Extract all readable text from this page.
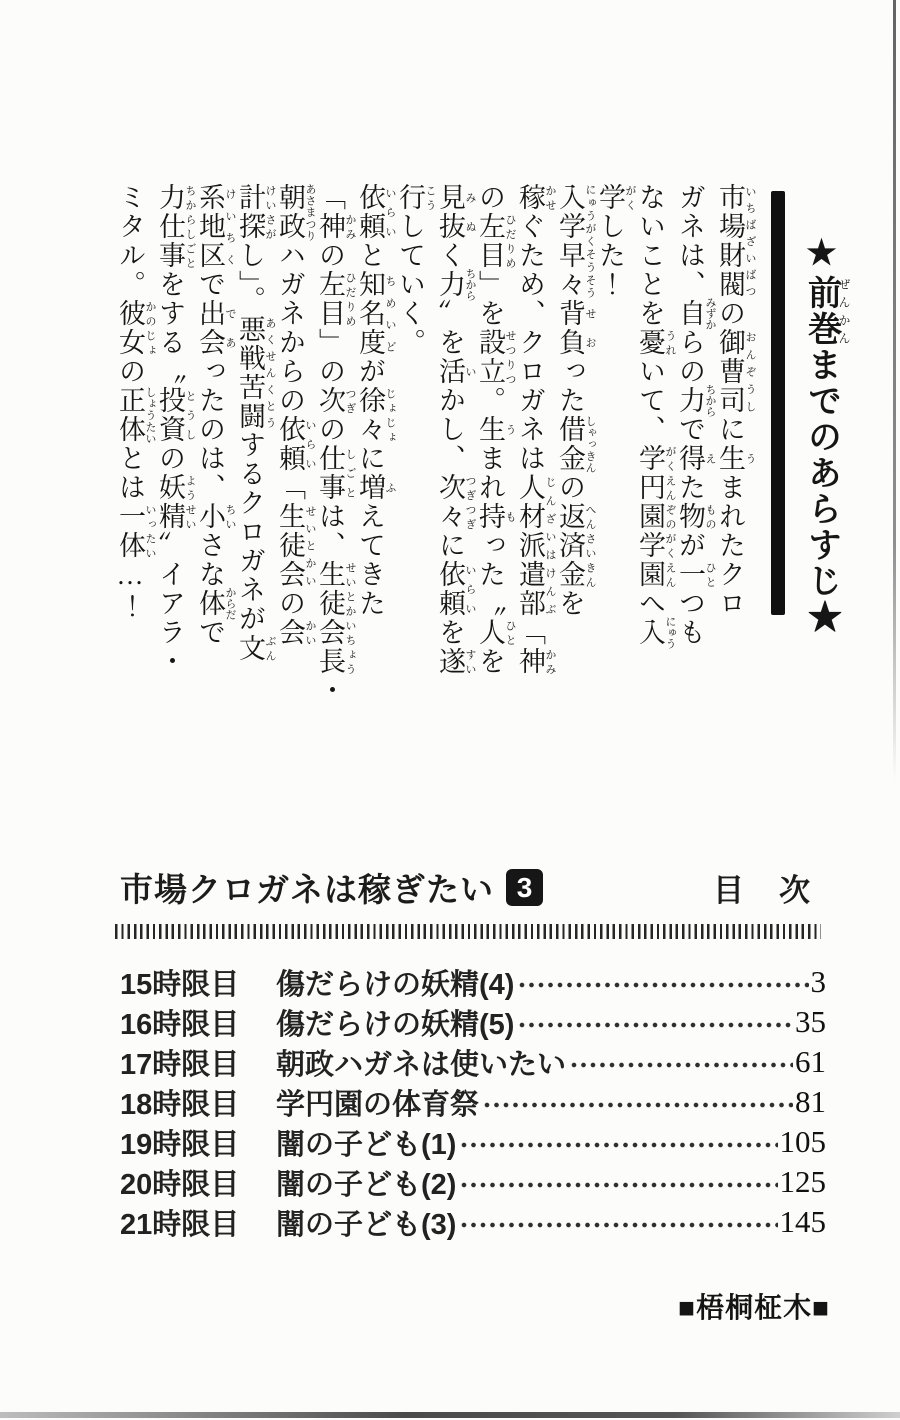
市場財閥 いちばざいばつの御曹司 おんぞうしに生 うまれたクロ
ガネは、自 みずからの力 ちからで得 えた物 ものが一 ひとつも
ないことを憂 うれいて、学円園学園 がくえんぞのがくえんへ入 にゅう
学 がくした！
入学早々 にゅうがくそうそう背負 せおった借金 しゃっきんの返済金 へんさいきんを
稼 かせぐため、クロガネは人材派遣部 じんざいはけんぶ「神 かみ
の左目 ひだりめ」を設立 せつりつ。生 うまれ持 もった〝人 ひとを
見抜 みぬく力 ちから〟を活 いかし、次々 つぎつぎに依頼 いらいを遂 すい
行 こうしていく。
依頼 いらいと知名度 ちめいどが徐々 じょじょに増 ふえてきた
「神 かみの左目 ひだりめ」の次 つぎの仕事 しごとは、生徒会長 せいとかいちょう・
朝政 あさまつりハガネからの依頼 いらい「生徒会 せいとかいの会 かい
計 けい探 さがし」。悪戦苦闘 あくせんくとうするクロガネが文 ぶん
系地区 けいちくで出会 であったのは、小 ちいさな体 からだで
力仕事 ちからしごとをする〝投資 とうしの妖精 ようせい〟イアラ・
ミタル。彼女 かのじょの正体 しょうたいとは一体 いったい…！
★前巻ぜんかんまでのあらすじ★
市場クロガネは稼ぎたい 3	目　次
15時限目	傷だらけの妖精(4)	3
16時限目	傷だらけの妖精(5)	35
17時限目	朝政ハガネは使いたい	61
18時限目	学円園の体育祭	81
19時限目	闇の子ども(1)	105
20時限目	闇の子ども(2)	125
21時限目	闇の子ども(3)	145
■梧桐柾木■
